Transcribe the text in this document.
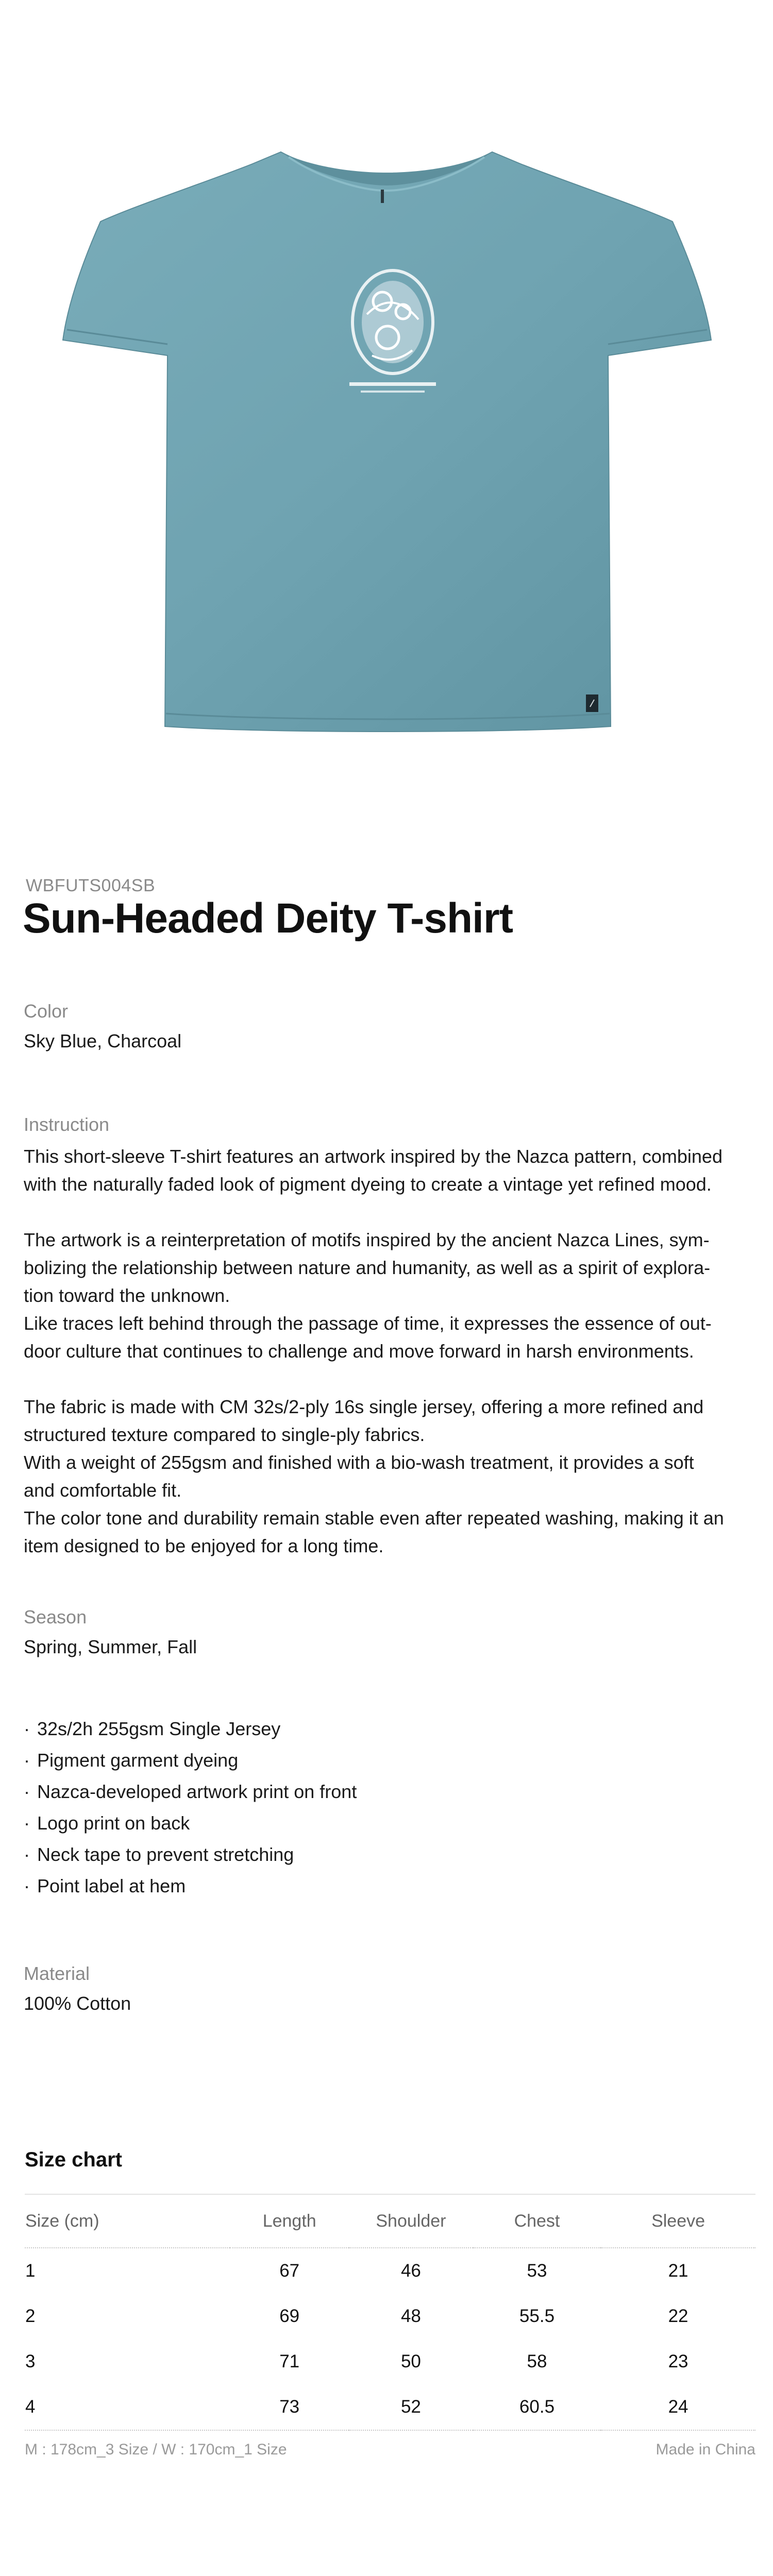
WBFUTS004SB
Sun-Headed Deity T-shirt

Color

Sky Blue, Charcoal

Instruction

This short-sleeve T-shirt features an artwork inspired by the Nazca pattern, combined

with the naturally faded look of pigment dyeing to create a vintage yet refined mood.

The artwork is a reinterpretation of motifs inspired by the ancient Nazca Lines, sym-

bolizing the relationship between nature and humanity, as well as a spirit of explora-

tion toward the unknown.

Like traces left behind through the passage of time, it expresses the essence of out-

door culture that continues to challenge and move forward in harsh environments.

The fabric is made with CM 32s/2-ply 16s single jersey, offering a more refined and

structured texture compared to single-ply fabrics.

With a weight of 255gsm and finished with a bio-wash treatment, it provides a soft

and comfortable fit.

The color tone and durability remain stable even after repeated washing, making it an

item designed to be enjoyed for a long time.

Season

Spring, Summer, Fall

· 32s/2h 255gsm Single Jersey
· Pigment garment dyeing
· Nazca-developed artwork print on front
· Logo print on back
· Neck tape to prevent stretching
· Point label at hem

Material

100% Cotton

Size chart
Size (cm)	Length	Shoulder	Chest	Sleeve
1	67	46	53	21
2	69	48	55.5	22
3	71	50	58	23
4	73	52	60.5	24
M : 178cm_3 Size / W : 170cm_1 Size	Made in China
